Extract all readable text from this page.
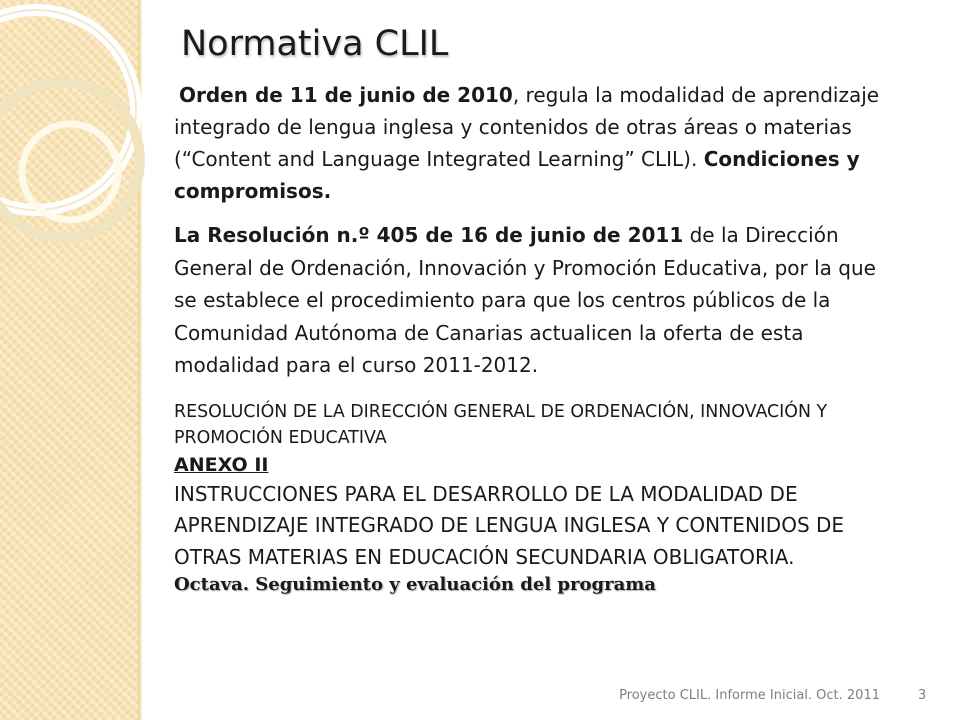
Normativa CLIL

Orden de 11 de junio de 2010, regula la modalidad de aprendizaje integrado de lengua inglesa y contenidos de otras áreas o materias (“Content and Language Integrated Learning” CLIL). Condiciones y compromisos.

La Resolución n.º 405 de 16 de junio de 2011 de la Dirección General de Ordenación, Innovación y Promoción Educativa, por la que se establece el procedimiento para que los centros públicos de la Comunidad Autónoma de Canarias actualicen la oferta de esta modalidad para el curso 2011-2012.

RESOLUCIÓN DE LA DIRECCIÓN GENERAL DE ORDENACIÓN, INNOVACIÓN Y PROMOCIÓN EDUCATIVA

ANEXO II

INSTRUCCIONES PARA EL DESARROLLO DE LA MODALIDAD DE APRENDIZAJE INTEGRADO DE LENGUA INGLESA Y CONTENIDOS DE OTRAS MATERIAS EN EDUCACIÓN SECUNDARIA OBLIGATORIA.

Octava. Seguimiento y evaluación del programa

Proyecto CLIL. Informe Inicial. Oct. 2011	3
